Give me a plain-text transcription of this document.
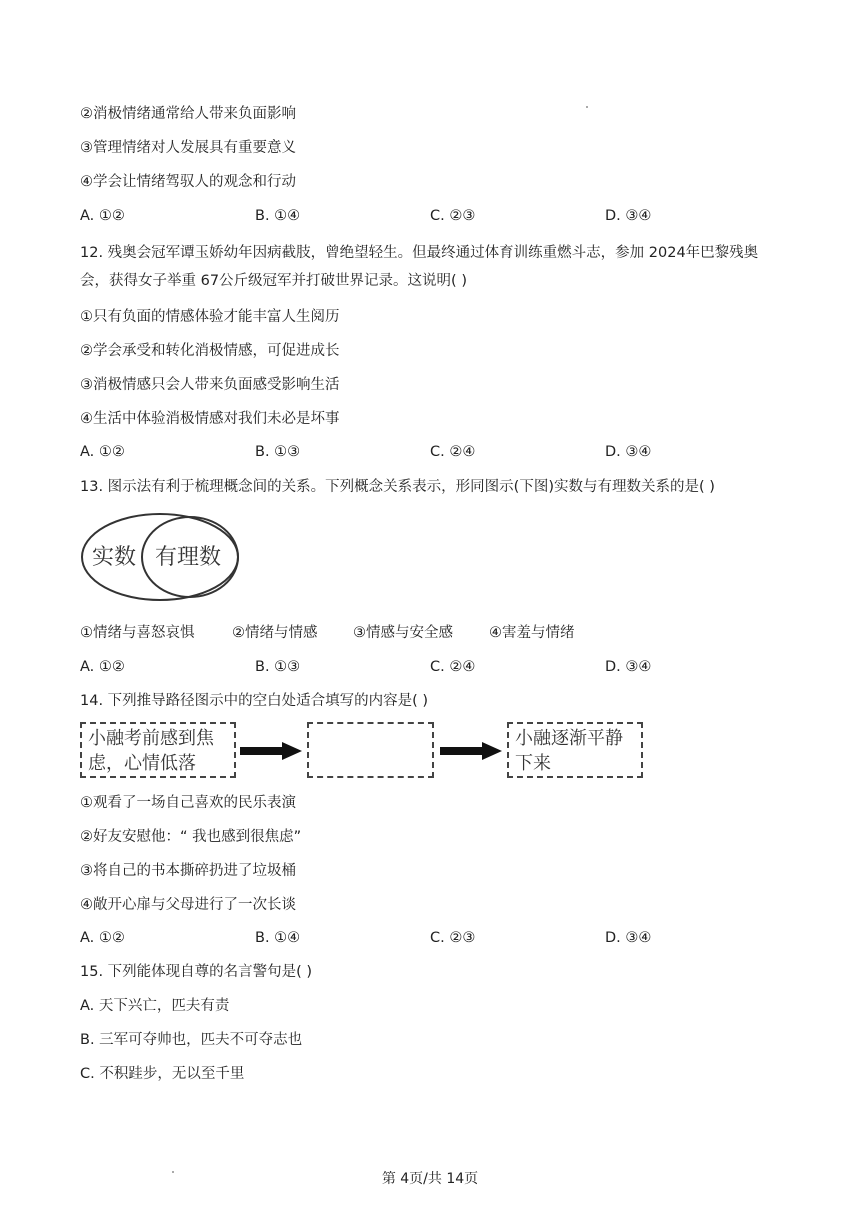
②消极情绪通常给人带来负面影响
③管理情绪对人发展具有重要意义
④学会让情绪驾驭人的观念和行动
A. ①②	B. ①④	C. ②③	D. ③④
12. 残奥会冠军谭玉娇幼年因病截肢，曾绝望轻生。但最终通过体育训练重燃斗志，参加 2024年巴黎残奥
会，获得女子举重 67公斤级冠军并打破世界记录。这说明( )
①只有负面的情感体验才能丰富人生阅历
②学会承受和转化消极情感，可促进成长
③消极情感只会人带来负面感受影响生活
④生活中体验消极情感对我们未必是坏事
A. ①②	B. ①③	C. ②④	D. ③④
13. 图示法有利于梳理概念间的关系。下列概念关系表示，形同图示(下图)实数与有理数关系的是( )
实数 有理数
①情绪与喜怒哀惧	②情绪与情感 ③情感与安全感 ④害羞与情绪
A. ①②	B. ①③	C. ②④	D. ③④
14. 下列推导路径图示中的空白处适合填写的内容是( )
小融考前感到焦
虑，心情低落
小融逐渐平静
下来
①观看了一场自己喜欢的民乐表演
②好友安慰他：“ 我也感到很焦虑”
③将自己的书本撕碎扔进了垃圾桶
④敞开心扉与父母进行了一次长谈
A. ①②	B. ①④	C. ②③	D. ③④
15. 下列能体现自尊的名言警句是( )
A. 天下兴亡，匹夫有责
B. 三军可夺帅也，匹夫不可夺志也
C. 不积跬步，无以至千里
第 4页/共 14页
